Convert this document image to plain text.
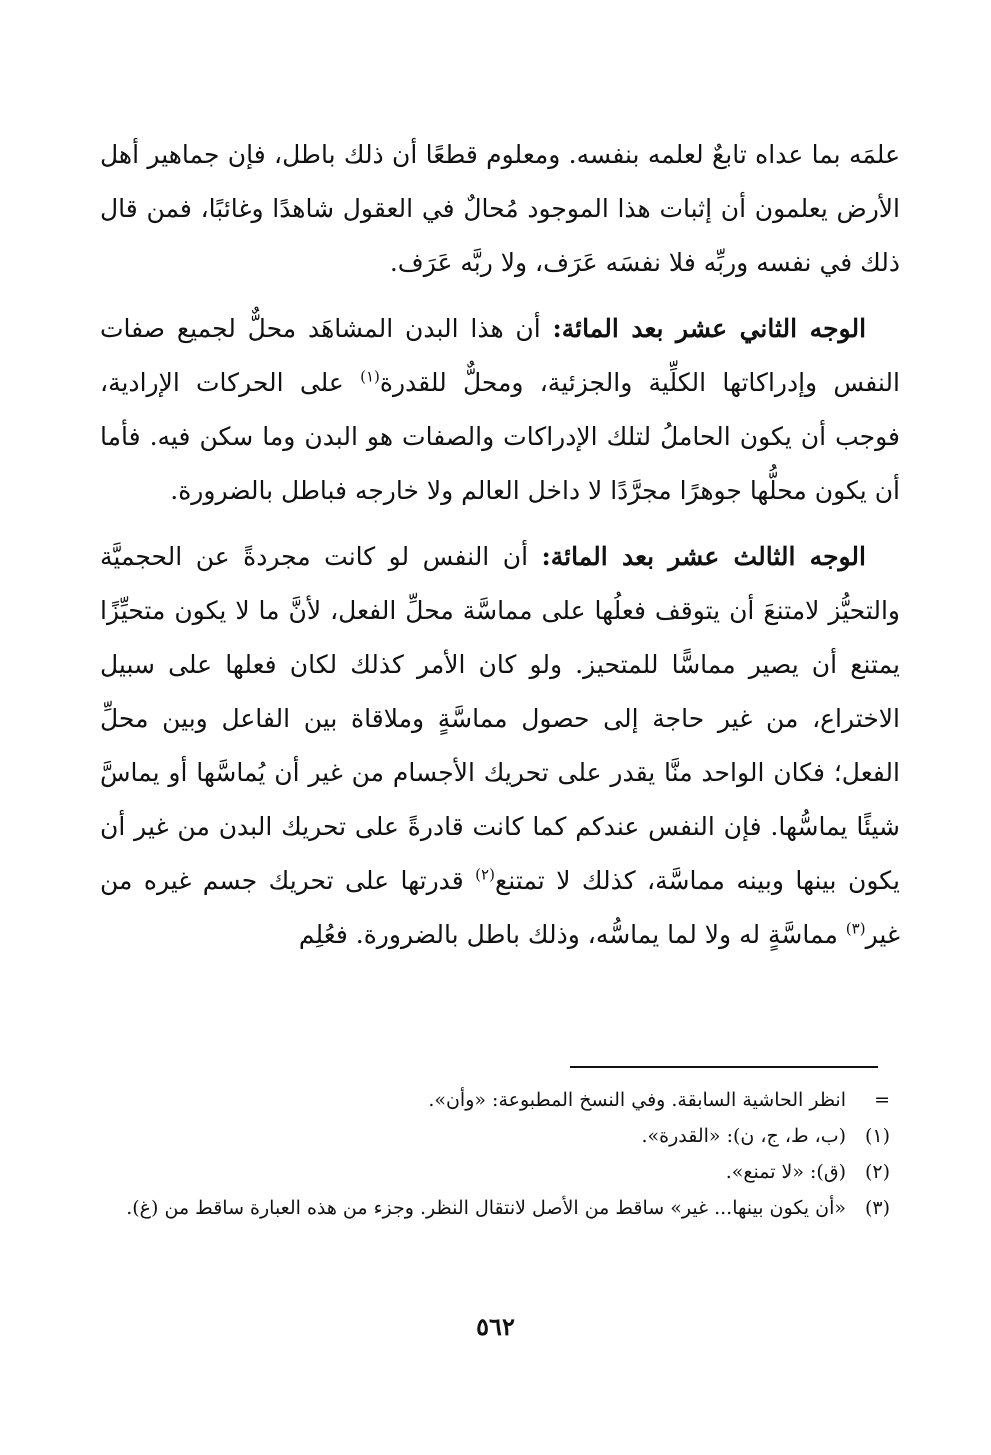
علمَه بما عداه تابعٌ لعلمه بنفسه. ومعلوم قطعًا أن ذلك باطل، فإن جماهير أهل الأرض يعلمون أن إثبات هذا الموجود مُحالٌ في العقول شاهدًا وغائبًا، فمن قال ذلك في نفسه وربِّه فلا نفسَه عَرَف، ولا ربَّه عَرَف.

الوجه الثاني عشر بعد المائة: أن هذا البدن المشاهَد محلٌّ لجميع صفات النفس وإدراكاتها الكلِّية والجزئية، ومحلٌّ للقدرة$^{(١)}$ على الحركات الإرادية، فوجب أن يكون الحاملُ لتلك الإدراكات والصفات هو البدن وما سكن فيه. فأما أن يكون محلُّها جوهرًا مجرَّدًا لا داخل العالم ولا خارجه فباطل بالضرورة.

الوجه الثالث عشر بعد المائة: أن النفس لو كانت مجردةً عن الحجميَّة والتحيُّز لامتنعَ أن يتوقف فعلُها على مماسَّة محلِّ الفعل، لأنَّ ما لا يكون متحيِّزًا يمتنع أن يصير مماسًّا للمتحيز. ولو كان الأمر كذلك لكان فعلها على سبيل الاختراع، من غير حاجة إلى حصول مماسَّةٍ وملاقاة بين الفاعل وبين محلِّ الفعل؛ فكان الواحد منَّا يقدر على تحريك الأجسام من غير أن يُماسَّها أو يماسَّ شيئًا يماسُّها. فإن النفس عندكم كما كانت قادرةً على تحريك البدن من غير أن يكون بينها وبينه مماسَّة، كذلك لا تمتنع$^{(٢)}$ قدرتها على تحريك جسم غيره من غير$^{(٣)}$ مماسَّةٍ له ولا لما يماسُّه، وذلك باطل بالضرورة. فعُلِم

=
انظر الحاشية السابقة. وفي النسخ المطبوعة: «وأن».
(١)
(ب، ط، ج، ن): «القدرة».
(٢)
(ق): «لا تمنع».
(٣)
«أن يكون بينها... غير» ساقط من الأصل لانتقال النظر. وجزء من هذه العبارة ساقط من (غ).
٥٦٢
